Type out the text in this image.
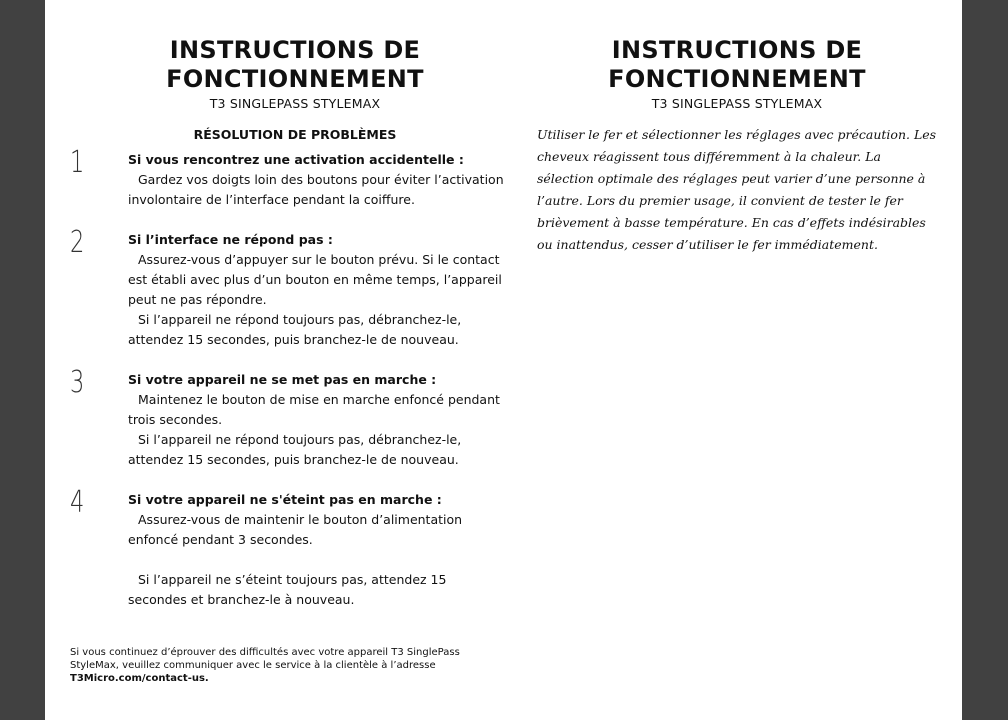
INSTRUCTIONS DE
FONCTIONNEMENT
T3 SINGLEPASS STYLEMAX
RÉSOLUTION DE PROBLÈMES
1	Si vous rencontrez une activation accidentelle :
Gardez vos doigts loin des boutons pour éviter l’activation involontaire de l’interface pendant la coiffure.
2	Si l’interface ne répond pas :
Assurez-vous d’appuyer sur le bouton prévu. Si le contact est établi avec plus d’un bouton en même temps, l’appareil peut ne pas répondre.
Si l’appareil ne répond toujours pas, débranchez-le, attendez 15 secondes, puis branchez-le de nouveau.
3	Si votre appareil ne se met pas en marche :
Maintenez le bouton de mise en marche enfoncé pendant trois secondes.
Si l’appareil ne répond toujours pas, débranchez-le, attendez 15 secondes, puis branchez-le de nouveau.
4	Si votre appareil ne s'éteint pas en marche :
Assurez-vous de maintenir le bouton d’alimentation enfoncé pendant 3 secondes.
Si l’appareil ne s’éteint toujours pas, attendez 15 secondes et branchez-le à nouveau.
Si vous continuez d’éprouver des difficultés avec votre appareil T3 SinglePass StyleMax, veuillez communiquer avec le service à la clientèle à l’adresse T3Micro.com/contact-us.
INSTRUCTIONS DE
FONCTIONNEMENT
T3 SINGLEPASS STYLEMAX
Utiliser le fer et sélectionner les réglages avec précaution. Les cheveux réagissent tous différemment à la chaleur. La sélection optimale des réglages peut varier d’une personne à l’autre. Lors du premier usage, il convient de tester le fer brièvement à basse température. En cas d’effets indésirables ou inattendus, cesser d’utiliser le fer immédiatement.
